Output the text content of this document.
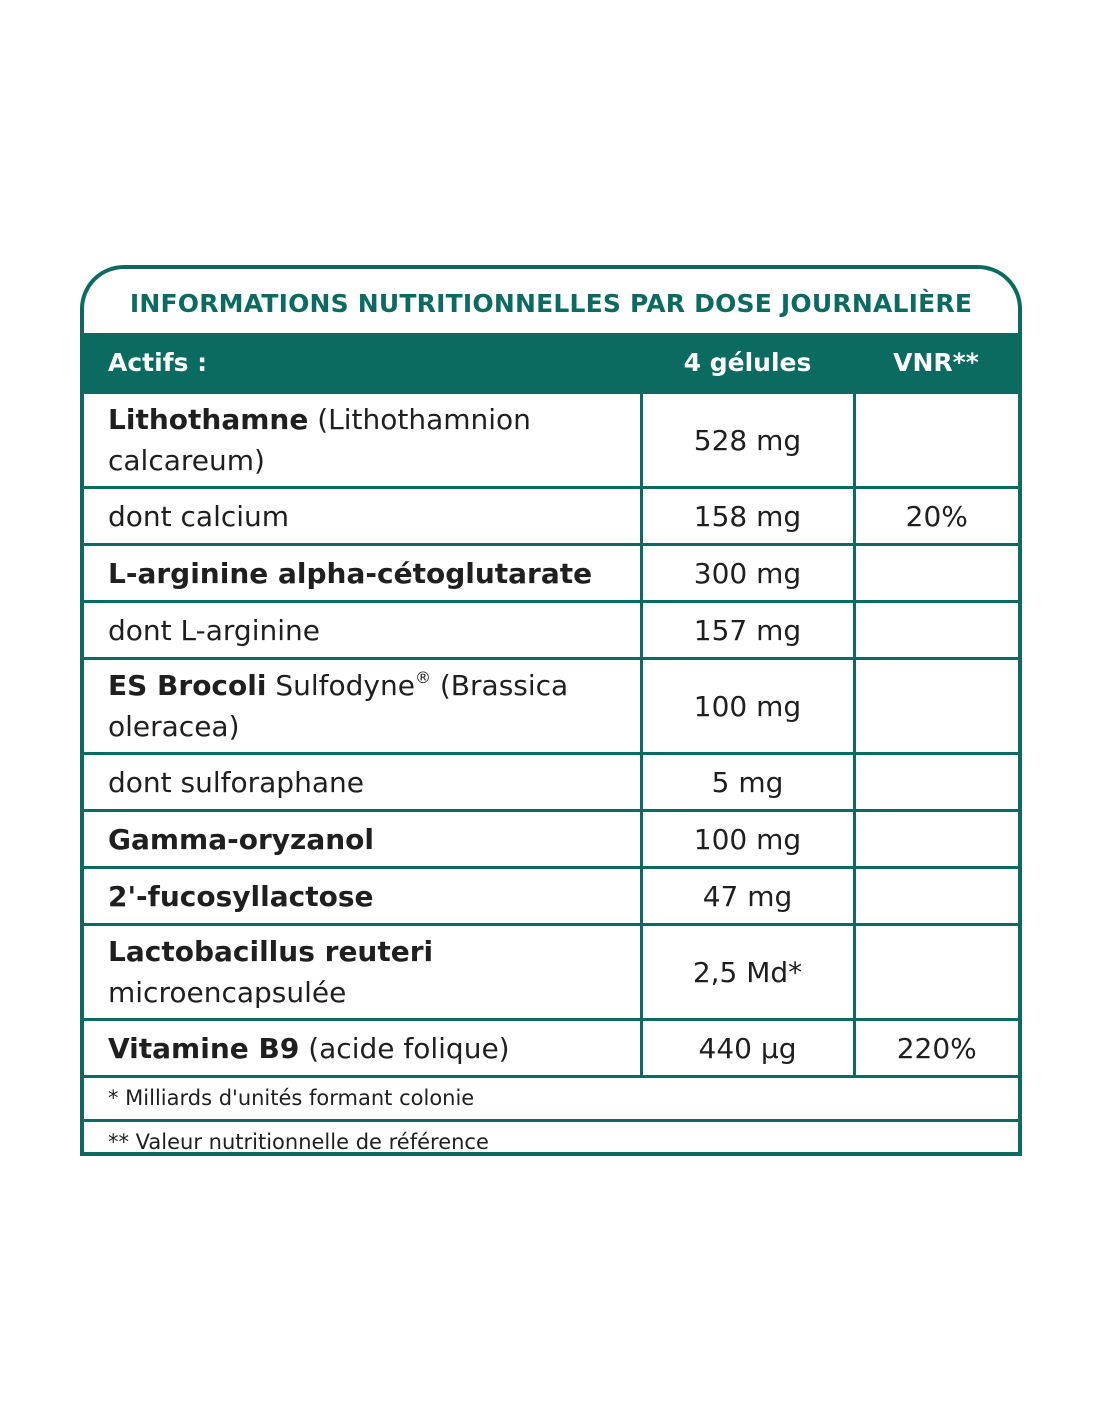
INFORMATIONS NUTRITIONNELLES PAR DOSE JOURNALIÈRE
Actifs :	4 gélules	VNR**
Lithothamne (Lithothamnion calcareum)	528 mg	
dont calcium	158 mg	20%
L-arginine alpha-cétoglutarate	300 mg	
dont L-arginine	157 mg	
ES Brocoli Sulfodyne® (Brassica oleracea)	100 mg	
dont sulforaphane	5 mg	
Gamma-oryzanol	100 mg	
2'-fucosyllactose	47 mg	
Lactobacillus reuteri microencapsulée	2,5 Md*	
Vitamine B9 (acide folique)	440 µg	220%
* Milliards d'unités formant colonie		
** Valeur nutritionnelle de référence		
